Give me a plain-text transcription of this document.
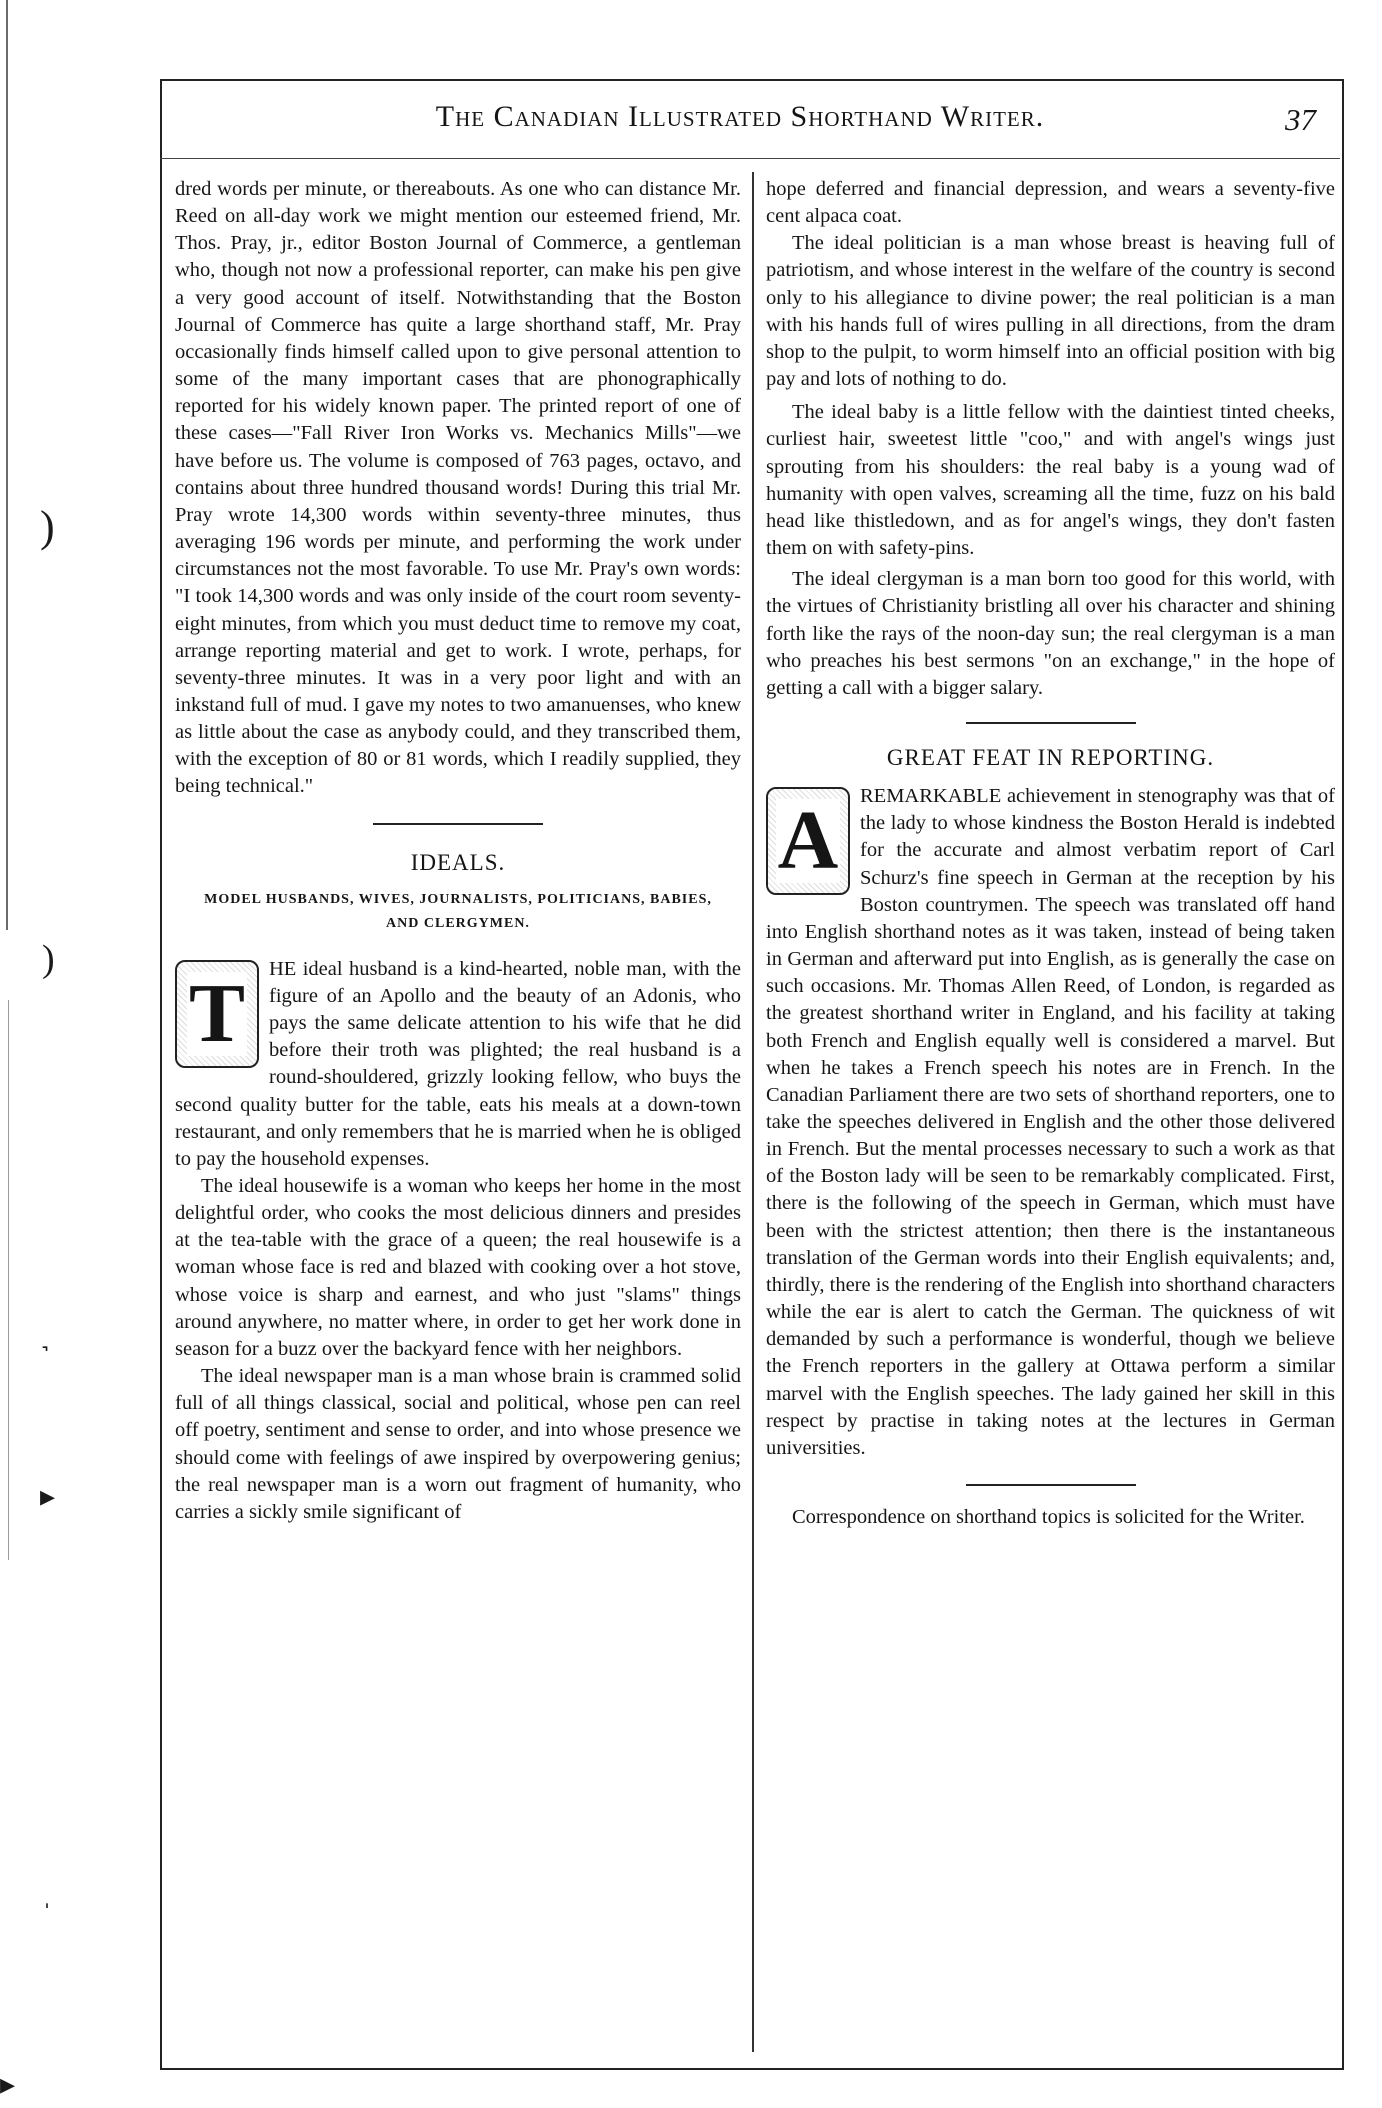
)
)
˺
▸
ˈ
▸
The Canadian Illustrated Shorthand Writer.	37

dred words per minute, or thereabouts. As one who can distance Mr. Reed on all-day work we might mention our esteemed friend, Mr. Thos. Pray, jr., editor Boston Journal of Commerce, a gentleman who, though not now a professional reporter, can make his pen give a very good account of itself. Notwithstanding that the Boston Journal of Commerce has quite a large shorthand staff, Mr. Pray occasionally finds himself called upon to give personal attention to some of the many important cases that are phonographically reported for his widely known paper. The printed report of one of these cases—"Fall River Iron Works vs. Mechanics Mills"—we have before us. The volume is composed of 763 pages, octavo, and contains about three hundred thousand words! During this trial Mr. Pray wrote 14,300 words within seventy-three minutes, thus averaging 196 words per minute, and performing the work under circumstances not the most favorable. To use Mr. Pray's own words: "I took 14,300 words and was only inside of the court room seventy-eight minutes, from which you must deduct time to remove my coat, arrange reporting material and get to work. I wrote, perhaps, for seventy-three minutes. It was in a very poor light and with an inkstand full of mud. I gave my notes to two amanuenses, who knew as little about the case as anybody could, and they transcribed them, with the exception of 80 or 81 words, which I readily supplied, they being technical."

IDEALS.
MODEL HUSBANDS, WIVES, JOURNALISTS, POLITICIANS, BABIES, AND CLERGYMEN.

T HE ideal husband is a kind-hearted, noble man, with the figure of an Apollo and the beauty of an Adonis, who pays the same delicate attention to his wife that he did before their troth was plighted; the real husband is a round-shouldered, grizzly looking fellow, who buys the second quality butter for the table, eats his meals at a down-town restaurant, and only remembers that he is married when he is obliged to pay the household expenses.

The ideal housewife is a woman who keeps her home in the most delightful order, who cooks the most delicious dinners and presides at the tea-table with the grace of a queen; the real housewife is a woman whose face is red and blazed with cooking over a hot stove, whose voice is sharp and earnest, and who just "slams" things around anywhere, no matter where, in order to get her work done in season for a buzz over the backyard fence with her neighbors.

The ideal newspaper man is a man whose brain is crammed solid full of all things classical, social and political, whose pen can reel off poetry, sentiment and sense to order, and into whose presence we should come with feelings of awe inspired by overpowering genius; the real newspaper man is a worn out fragment of humanity, who carries a sickly smile significant of

hope deferred and financial depression, and wears a seventy-five cent alpaca coat.

The ideal politician is a man whose breast is heaving full of patriotism, and whose interest in the welfare of the country is second only to his allegiance to divine power; the real politician is a man with his hands full of wires pulling in all directions, from the dram shop to the pulpit, to worm himself into an official position with big pay and lots of nothing to do.

The ideal baby is a little fellow with the daintiest tinted cheeks, curliest hair, sweetest little "coo," and with angel's wings just sprouting from his shoulders: the real baby is a young wad of humanity with open valves, screaming all the time, fuzz on his bald head like thistledown, and as for angel's wings, they don't fasten them on with safety-pins.

The ideal clergyman is a man born too good for this world, with the virtues of Christianity bristling all over his character and shining forth like the rays of the noon-day sun; the real clergyman is a man who preaches his best sermons "on an exchange," in the hope of getting a call with a bigger salary.

GREAT FEAT IN REPORTING.

A REMARKABLE achievement in stenography was that of the lady to whose kindness the Boston Herald is indebted for the accurate and almost verbatim report of Carl Schurz's fine speech in German at the reception by his Boston countrymen. The speech was translated off hand into English shorthand notes as it was taken, instead of being taken in German and afterward put into English, as is generally the case on such occasions. Mr. Thomas Allen Reed, of London, is regarded as the greatest shorthand writer in England, and his facility at taking both French and English equally well is considered a marvel. But when he takes a French speech his notes are in French. In the Canadian Parliament there are two sets of shorthand reporters, one to take the speeches delivered in English and the other those delivered in French. But the mental processes necessary to such a work as that of the Boston lady will be seen to be remarkably complicated. First, there is the following of the speech in German, which must have been with the strictest attention; then there is the instantaneous translation of the German words into their English equivalents; and, thirdly, there is the rendering of the English into shorthand characters while the ear is alert to catch the German. The quickness of wit demanded by such a performance is wonderful, though we believe the French reporters in the gallery at Ottawa perform a similar marvel with the English speeches. The lady gained her skill in this respect by practise in taking notes at the lectures in German universities.

Correspondence on shorthand topics is solicited for the Writer.
